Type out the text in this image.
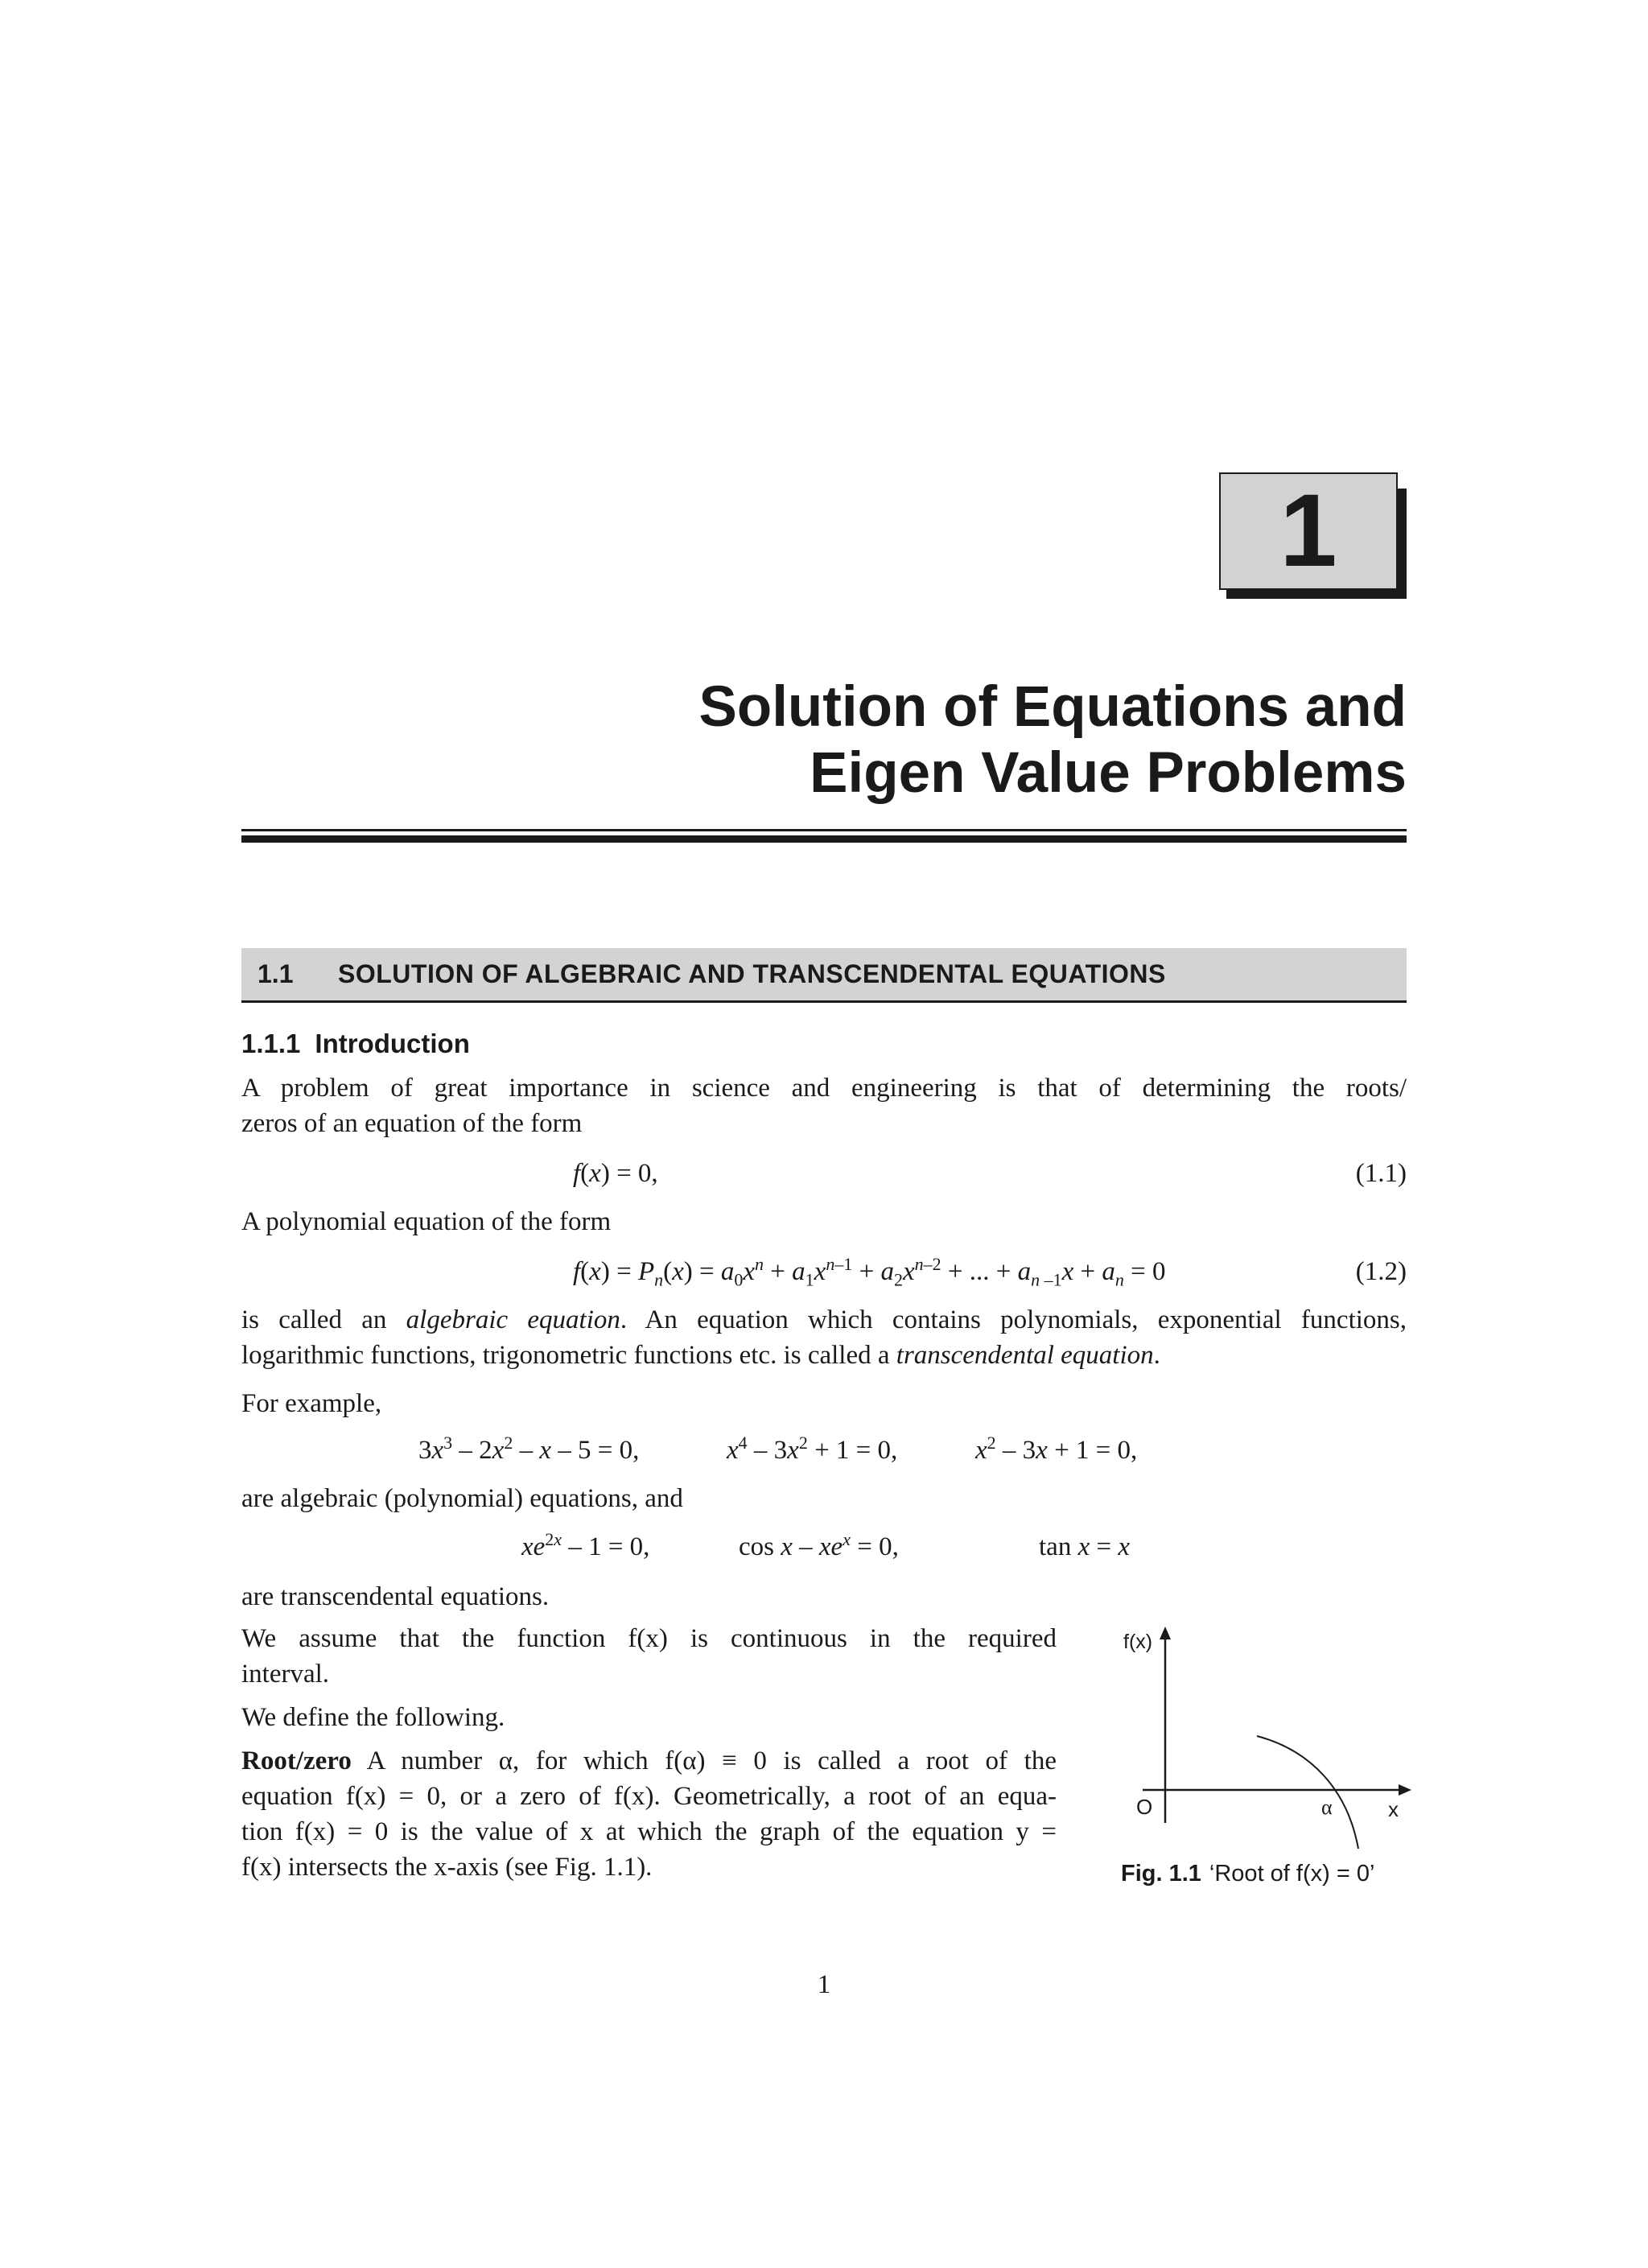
1
Solution of Equations and
Eigen Value Problems
1.1	SOLUTION OF ALGEBRAIC AND TRANSCENDENTAL EQUATIONS
1.1.1 Introduction
A problem of great importance in science and engineering is that of determining the roots/
zeros of an equation of the form
f(x) = 0,	(1.1)
A polynomial equation of the form
$f(x) = P_n(x) = a_0x^n + a_1x^{n-1} + a_2x^{n-2}$ + ... + $a_{n -1}x + a_n = 0$	(1.2)
is called an algebraic equation. An equation which contains polynomials, exponential functions,
logarithmic functions, trigonometric functions etc. is called a transcendental equation.
For example,
$3x^3 - 2x^2 - x - 5 = 0$,	$x^4 - 3x^2 + 1 = 0$,	$x^2 - 3x + 1 = 0$,
are algebraic (polynomial) equations, and
$xe^{2x} - 1 = 0$,	$\cos x - xe^x = 0$,	tan x = x
are transcendental equations.
We assume that the function f(x) is continuous in the required
interval.
We define the following.
Root/zero A number α, for which f(α) ≡ 0 is called a root of the
equation f(x) = 0, or a zero of f(x). Geometrically, a root of an equa-
tion f(x) = 0 is the value of x at which the graph of the equation y =
f(x) intersects the x-axis (see Fig. 1.1).
f(x)
O	α	x
Fig. 1.1 ‘Root of f(x) = 0’
1
